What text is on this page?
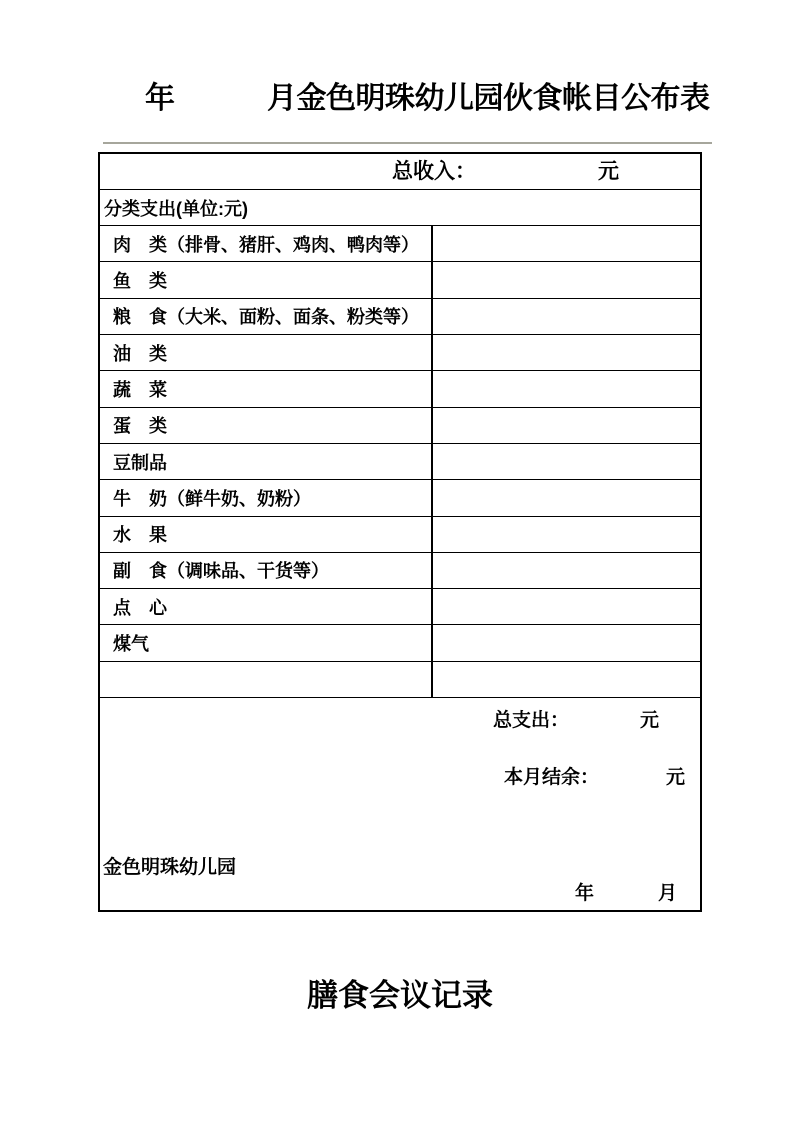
年	月金色明珠幼儿园伙食帐目公布表
总收入：	元
分类支出(单位:元)
肉　类（排骨、猪肝、鸡肉、鸭肉等）
鱼　类
粮　食（大米、面粉、面条、粉类等）
油　类
蔬　菜
蛋　类
豆制品
牛　奶（鲜牛奶、奶粉）
水　果
副　食（调味品、干货等）
点　心
煤气
总支出：	元
本月结余：	元
金色明珠幼儿园
年	月
膳食会议记录
